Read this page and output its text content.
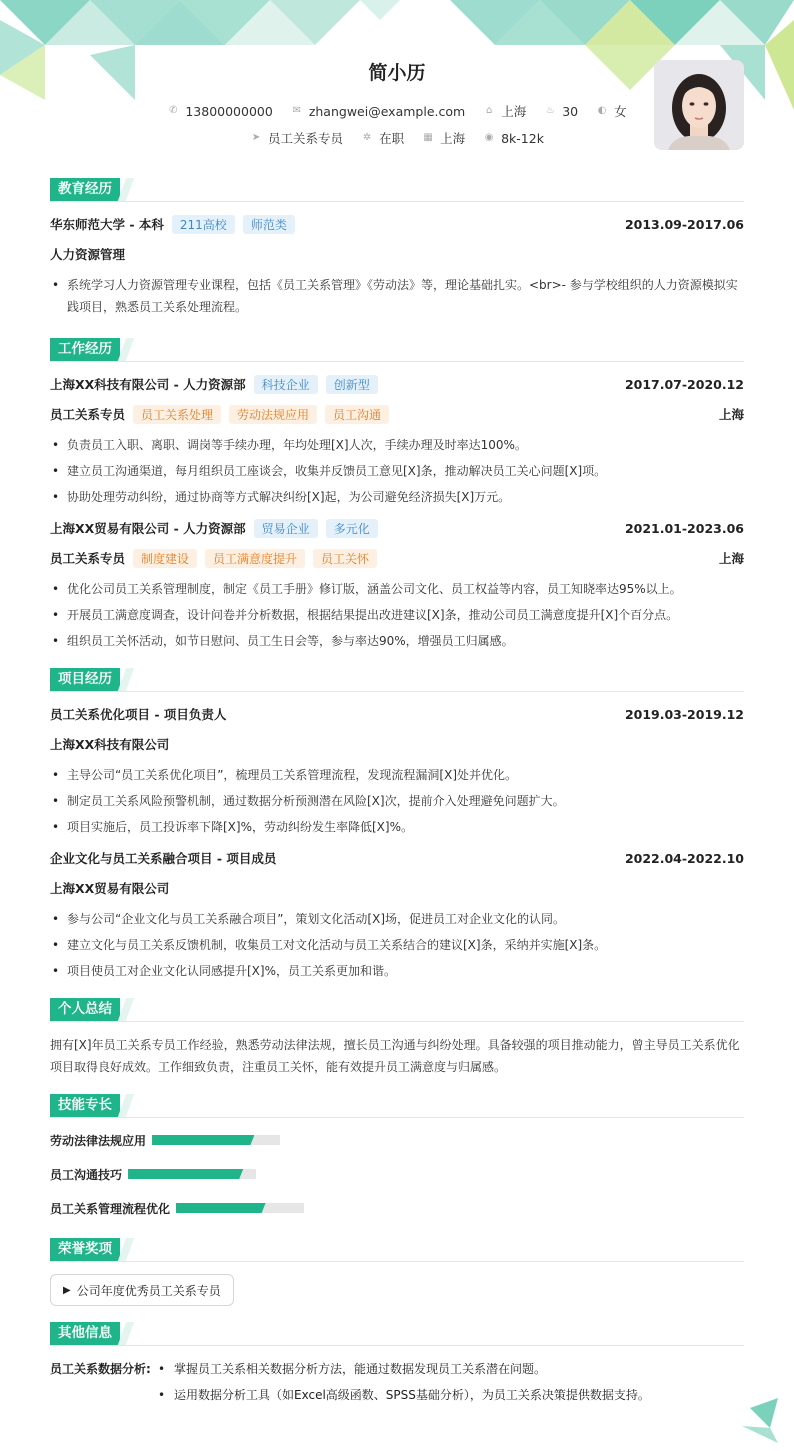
简小历
✆ 13800000000 ✉ zhangwei@example.com ⌂ 上海 ♨ 30 ◐ 女
➤ 员工关系专员 ✲ 在职 ▦ 上海 ◉ 8k-12k
教育经历
华东师范大学 - 本科	211高校	师范类	2013.09-2017.06
人力资源管理
• 系统学习人力资源管理专业课程，包括《员工关系管理》《劳动法》等，理论基础扎实。<br>- 参与学校组织的人力资源模拟实践项目，熟悉员工关系处理流程。
工作经历
上海XX科技有限公司 - 人力资源部	科技企业	创新型	2017.07-2020.12
员工关系专员	员工关系处理	劳动法规应用	员工沟通	上海
• 负责员工入职、离职、调岗等手续办理，年均处理[X]人次，手续办理及时率达100%。
• 建立员工沟通渠道，每月组织员工座谈会，收集并反馈员工意见[X]条，推动解决员工关心问题[X]项。
• 协助处理劳动纠纷，通过协商等方式解决纠纷[X]起，为公司避免经济损失[X]万元。
上海XX贸易有限公司 - 人力资源部	贸易企业	多元化	2021.01-2023.06
员工关系专员	制度建设	员工满意度提升	员工关怀	上海
• 优化公司员工关系管理制度，制定《员工手册》修订版，涵盖公司文化、员工权益等内容，员工知晓率达95%以上。
• 开展员工满意度调查，设计问卷并分析数据，根据结果提出改进建议[X]条，推动公司员工满意度提升[X]个百分点。
• 组织员工关怀活动，如节日慰问、员工生日会等，参与率达90%，增强员工归属感。
项目经历
员工关系优化项目 - 项目负责人	2019.03-2019.12
上海XX科技有限公司
• 主导公司“员工关系优化项目”，梳理员工关系管理流程，发现流程漏洞[X]处并优化。
• 制定员工关系风险预警机制，通过数据分析预测潜在风险[X]次，提前介入处理避免问题扩大。
• 项目实施后，员工投诉率下降[X]%，劳动纠纷发生率降低[X]%。
企业文化与员工关系融合项目 - 项目成员	2022.04-2022.10
上海XX贸易有限公司
• 参与公司“企业文化与员工关系融合项目”，策划文化活动[X]场，促进员工对企业文化的认同。
• 建立文化与员工关系反馈机制，收集员工对文化活动与员工关系结合的建议[X]条，采纳并实施[X]条。
• 项目使员工对企业文化认同感提升[X]%，员工关系更加和谐。
个人总结

拥有[X]年员工关系专员工作经验，熟悉劳动法律法规，擅长员工沟通与纠纷处理。具备较强的项目推动能力，曾主导员工关系优化项目取得良好成效。工作细致负责，注重员工关怀，能有效提升员工满意度与归属感。

技能专长
劳动法律法规应用
员工沟通技巧
员工关系管理流程优化
荣誉奖项
▶ 公司年度优秀员工关系专员
其他信息
员工关系数据分析:
•	掌握员工关系相关数据分析方法，能通过数据发现员工关系潜在问题。
• 运用数据分析工具（如Excel高级函数、SPSS基础分析），为员工关系决策提供数据支持。
